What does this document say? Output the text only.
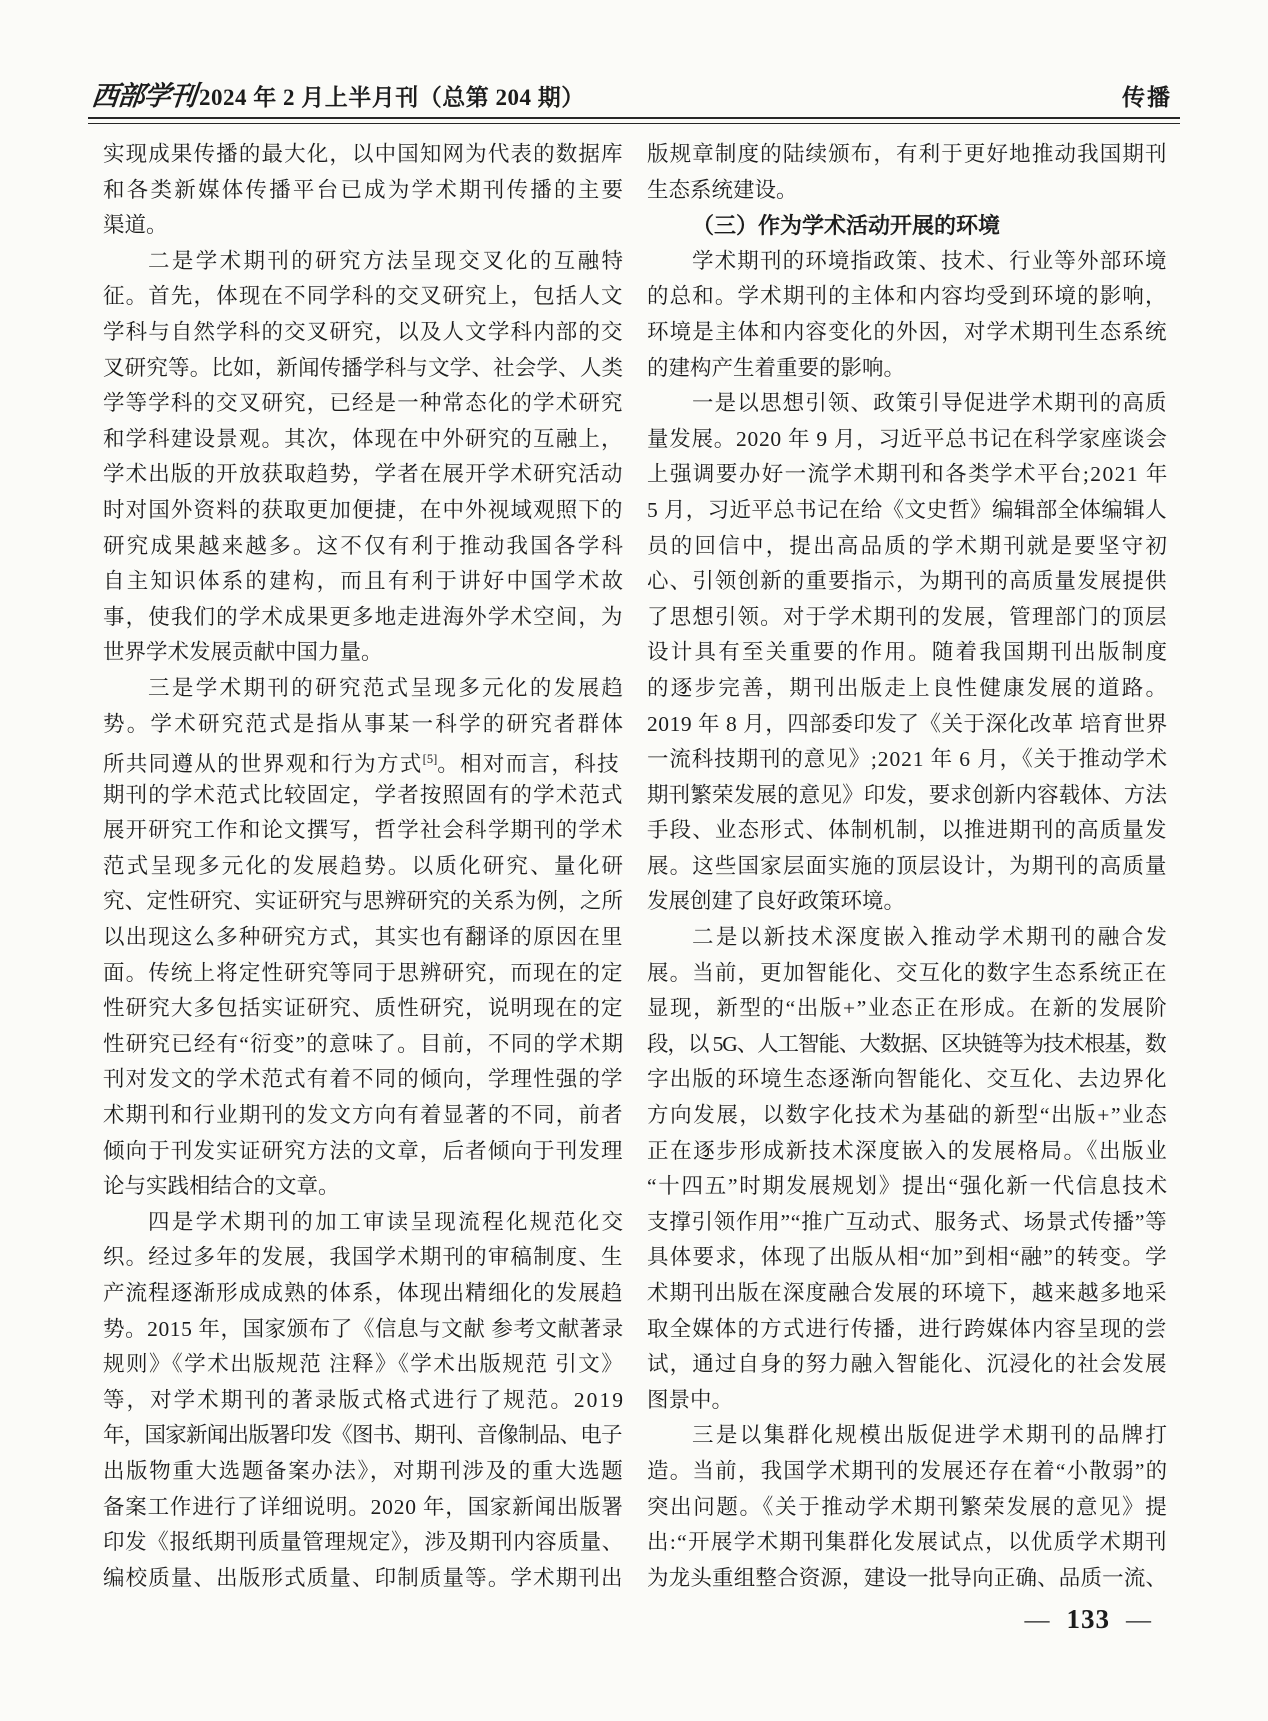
西部学刊 2024 年 2 月上半月刊（总第 204 期）	传播
实现成果传播的最大化，以中国知网为代表的数据库
和各类新媒体传播平台已成为学术期刊传播的主要
渠道。
二是学术期刊的研究方法呈现交叉化的互融特
征。首先，体现在不同学科的交叉研究上，包括人文
学科与自然学科的交叉研究，以及人文学科内部的交
叉研究等。比如，新闻传播学科与文学、社会学、人类
学等学科的交叉研究，已经是一种常态化的学术研究
和学科建设景观。其次，体现在中外研究的互融上，
学术出版的开放获取趋势，学者在展开学术研究活动
时对国外资料的获取更加便捷，在中外视域观照下的
研究成果越来越多。这不仅有利于推动我国各学科
自主知识体系的建构，而且有利于讲好中国学术故
事，使我们的学术成果更多地走进海外学术空间，为
世界学术发展贡献中国力量。
三是学术期刊的研究范式呈现多元化的发展趋
势。学术研究范式是指从事某一科学的研究者群体
所共同遵从的世界观和行为方式[5]。相对而言，科技
期刊的学术范式比较固定，学者按照固有的学术范式
展开研究工作和论文撰写，哲学社会科学期刊的学术
范式呈现多元化的发展趋势。以质化研究、量化研
究、定性研究、实证研究与思辨研究的关系为例，之所
以出现这么多种研究方式，其实也有翻译的原因在里
面。传统上将定性研究等同于思辨研究，而现在的定
性研究大多包括实证研究、质性研究，说明现在的定
性研究已经有“衍变”的意味了。目前，不同的学术期
刊对发文的学术范式有着不同的倾向，学理性强的学
术期刊和行业期刊的发文方向有着显著的不同，前者
倾向于刊发实证研究方法的文章，后者倾向于刊发理
论与实践相结合的文章。
四是学术期刊的加工审读呈现流程化规范化交
织。经过多年的发展，我国学术期刊的审稿制度、生
产流程逐渐形成成熟的体系，体现出精细化的发展趋
势。2015 年，国家颁布了《信息与文献 参考文献著录
规则》《学术出版规范 注释》《学术出版规范 引文》
等，对学术期刊的著录版式格式进行了规范。2019
年，国家新闻出版署印发《图书、期刊、音像制品、电子
出版物重大选题备案办法》，对期刊涉及的重大选题
备案工作进行了详细说明。2020 年，国家新闻出版署
印发《报纸期刊质量管理规定》，涉及期刊内容质量、
编校质量、出版形式质量、印制质量等。学术期刊出
版规章制度的陆续颁布，有利于更好地推动我国期刊
生态系统建设。
（三）作为学术活动开展的环境
学术期刊的环境指政策、技术、行业等外部环境
的总和。学术期刊的主体和内容均受到环境的影响，
环境是主体和内容变化的外因，对学术期刊生态系统
的建构产生着重要的影响。
一是以思想引领、政策引导促进学术期刊的高质
量发展。2020 年 9 月，习近平总书记在科学家座谈会
上强调要办好一流学术期刊和各类学术平台;2021 年
5 月，习近平总书记在给《文史哲》编辑部全体编辑人
员的回信中，提出高品质的学术期刊就是要坚守初
心、引领创新的重要指示，为期刊的高质量发展提供
了思想引领。对于学术期刊的发展，管理部门的顶层
设计具有至关重要的作用。随着我国期刊出版制度
的逐步完善，期刊出版走上良性健康发展的道路。
2019 年 8 月，四部委印发了《关于深化改革 培育世界
一流科技期刊的意见》;2021 年 6 月，《关于推动学术
期刊繁荣发展的意见》印发，要求创新内容载体、方法
手段、业态形式、体制机制，以推进期刊的高质量发
展。这些国家层面实施的顶层设计，为期刊的高质量
发展创建了良好政策环境。
二是以新技术深度嵌入推动学术期刊的融合发
展。当前，更加智能化、交互化的数字生态系统正在
显现，新型的“出版+”业态正在形成。在新的发展阶
段，以 5G、人工智能、大数据、区块链等为技术根基，数
字出版的环境生态逐渐向智能化、交互化、去边界化
方向发展，以数字化技术为基础的新型“出版+”业态
正在逐步形成新技术深度嵌入的发展格局。《出版业
“十四五”时期发展规划》提出“强化新一代信息技术
支撑引领作用”“推广互动式、服务式、场景式传播”等
具体要求，体现了出版从相“加”到相“融”的转变。学
术期刊出版在深度融合发展的环境下，越来越多地采
取全媒体的方式进行传播，进行跨媒体内容呈现的尝
试，通过自身的努力融入智能化、沉浸化的社会发展
图景中。
三是以集群化规模出版促进学术期刊的品牌打
造。当前，我国学术期刊的发展还存在着“小散弱”的
突出问题。《关于推动学术期刊繁荣发展的意见》提
出:“开展学术期刊集群化发展试点，以优质学术期刊
为龙头重组整合资源，建设一批导向正确、品质一流、
— 133 —
